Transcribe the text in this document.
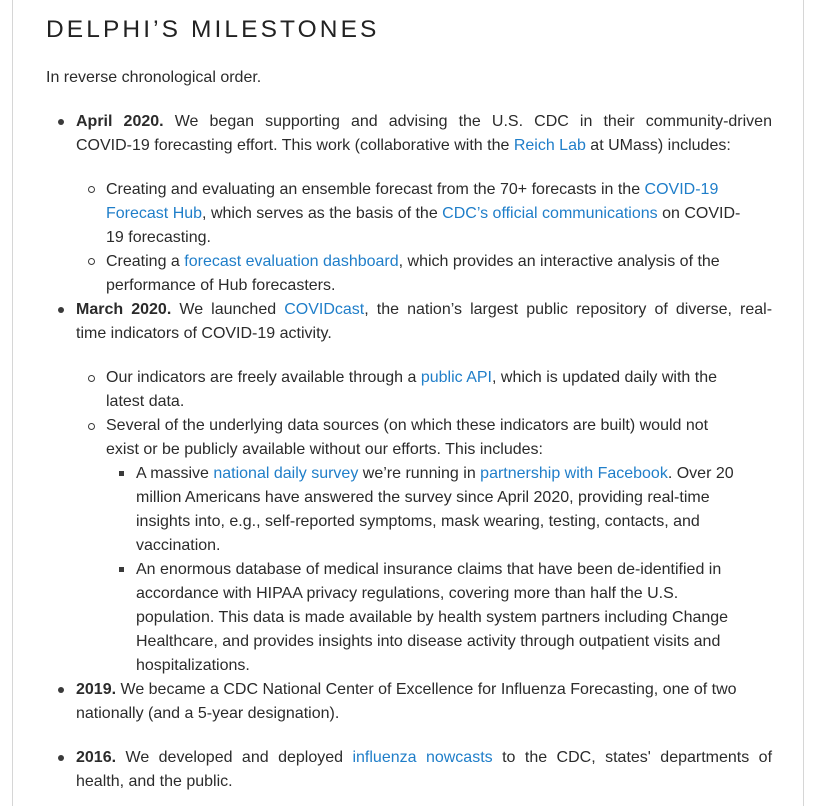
DELPHI’S MILESTONES
In reverse chronological order.
April 2020. We began supporting and advising the U.S. CDC in their community-driven
COVID-19 forecasting effort. This work (collaborative with the Reich Lab at UMass) includes:
Creating and evaluating an ensemble forecast from the 70+ forecasts in the COVID-19
Forecast Hub, which serves as the basis of the CDC’s official communications on COVID-
19 forecasting.
Creating a forecast evaluation dashboard, which provides an interactive analysis of the
performance of Hub forecasters.
March 2020. We launched COVIDcast, the nation’s largest public repository of diverse, real-
time indicators of COVID-19 activity.
Our indicators are freely available through a public API, which is updated daily with the
latest data.
Several of the underlying data sources (on which these indicators are built) would not
exist or be publicly available without our efforts. This includes:
A massive national daily survey we’re running in partnership with Facebook. Over 20
million Americans have answered the survey since April 2020, providing real-time
insights into, e.g., self-reported symptoms, mask wearing, testing, contacts, and
vaccination.
An enormous database of medical insurance claims that have been de-identified in
accordance with HIPAA privacy regulations, covering more than half the U.S.
population. This data is made available by health system partners including Change
Healthcare, and provides insights into disease activity through outpatient visits and
hospitalizations.
2019. We became a CDC National Center of Excellence for Influenza Forecasting, one of two
nationally (and a 5-year designation).
2016. We developed and deployed influenza nowcasts to the CDC, states' departments of
health, and the public.
